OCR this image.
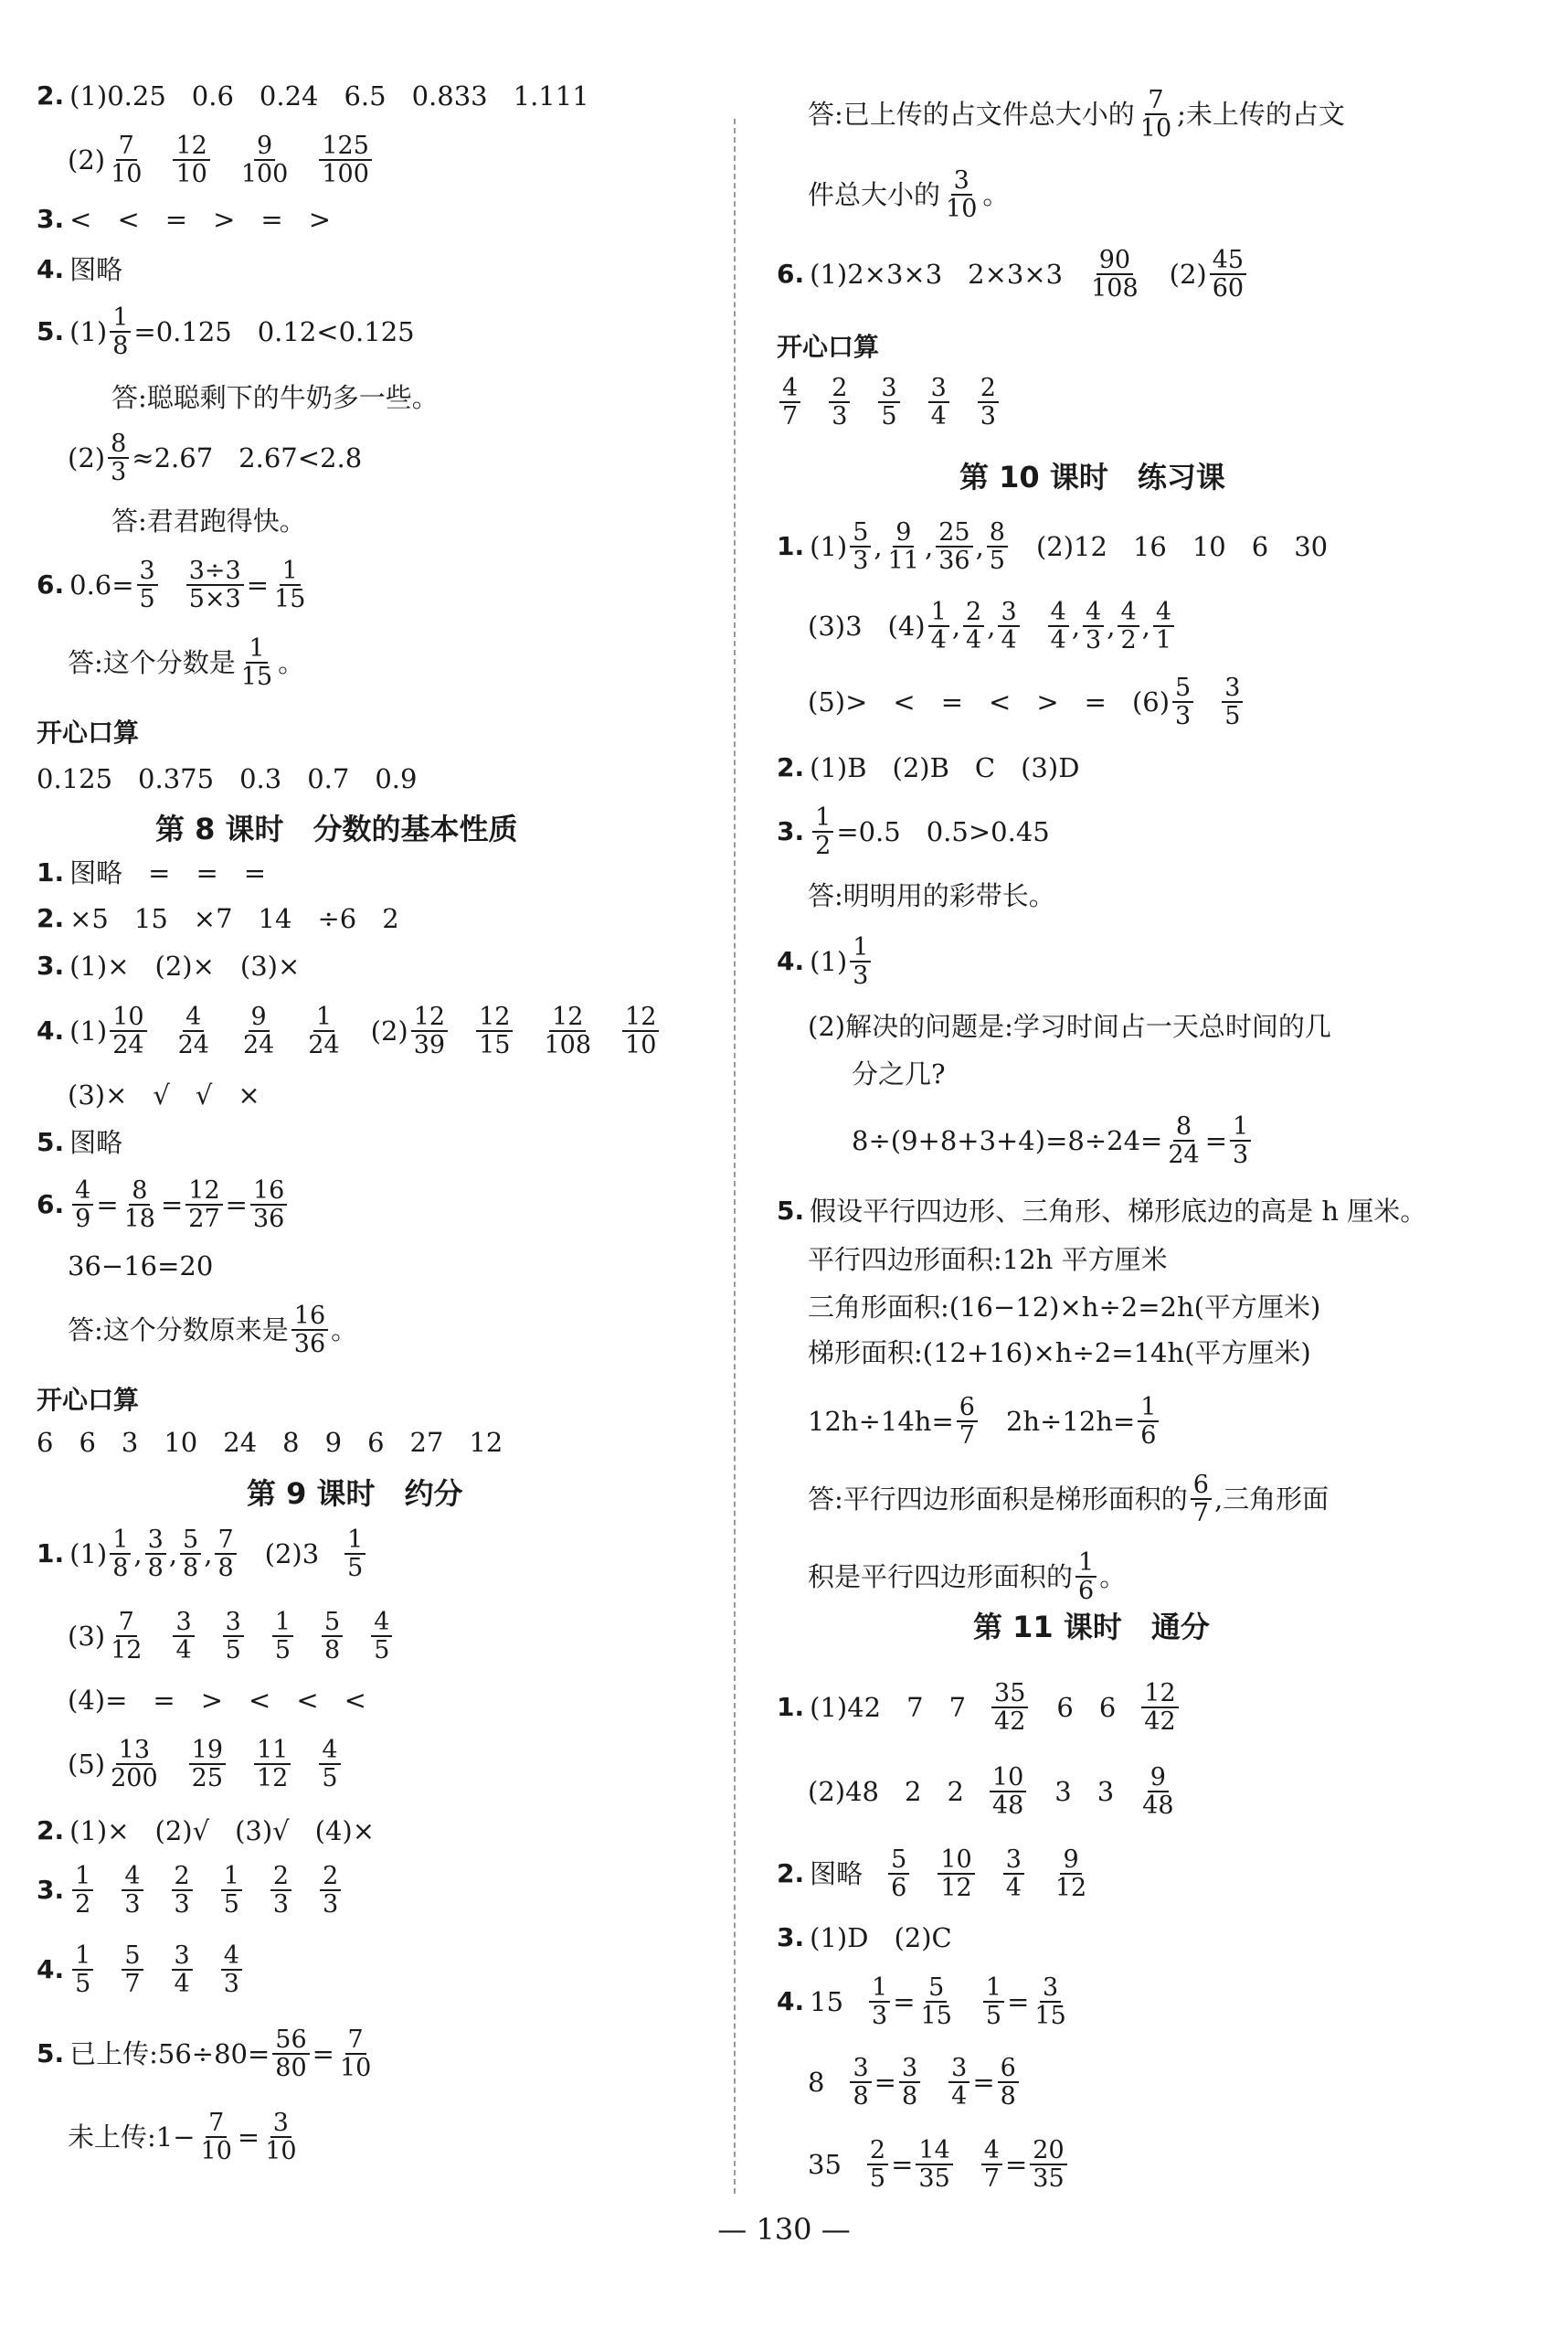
2. (1)0.25 0.6 0.24 6.5 0.833 1.111
$(2) \frac{7}{10} \frac{12}{10} \frac{9}{100} \frac{125}{100}$
3. < < = > = >
4. 图略
5. $(1) \frac{1}{8} =0.125$ 0.12<0.125
答:聪聪剩下的牛奶多一些。
$(2) \frac{8}{3} \approx 2.67$ 2.67<2.8
答:君君跑得快。
6. $0.6= \frac{3}{5} \frac{3\div 3}{5\times 3} = \frac{1}{15}$
答:这个分数是 $\frac{1}{15}$ 。
开心口算
0.125 0.375 0.3 0.7 0.9
第 8 课时　分数的基本性质
1. 图略 = = =
2. ×5 15 ×7 14 ÷6 2
3. (1)× (2)× (3)×
4. $(1) \frac{10}{24} \frac{4}{24} \frac{9}{24} \frac{1}{24} (2) \frac{12}{39} \frac{12}{15} \frac{12}{108} \frac{12}{10}$
(3)× √ √ ×
5. 图略
6. $\frac{4}{9} = \frac{8}{18} = \frac{12}{27} = \frac{16}{36}$
36−16=20
答:这个分数原来是 $\frac{16}{36}$ 。
开心口算
6 6 3 10 24 8 9 6 27 12
第 9 课时　约分
1. $(1) \frac{1}{8}$ , $\frac{3}{8}$ , $\frac{5}{8}$ , $\frac{7}{8} (2)3 \frac{1}{5}$
$(3) \frac{7}{12} \frac{3}{4} \frac{3}{5} \frac{1}{5} \frac{5}{8} \frac{4}{5}$
(4)= = > < < <
$(5) \frac{13}{200} \frac{19}{25} \frac{11}{12} \frac{4}{5}$
2. (1)× (2)√ (3)√ (4)×
3. $\frac{1}{2} \frac{4}{3} \frac{2}{3} \frac{1}{5} \frac{2}{3} \frac{2}{3}$
4. $\frac{1}{5} \frac{5}{7} \frac{3}{4} \frac{4}{3}$
5. 已上传:56÷80= $\frac{56}{80} = \frac{7}{10}$
未上传:1− $\frac{7}{10} = \frac{3}{10}$
答:已上传的占文件总大小的 $\frac{7}{10}$ ;未上传的占文
件总大小的 $\frac{3}{10}$ 。
6. (1)2×3×3 $2\times 3\times 3 \frac{90}{108} (2) \frac{45}{60}$
开心口算
$\frac{4}{7} \frac{2}{3} \frac{3}{5} \frac{3}{4} \frac{2}{3}$
第 10 课时　练习课
1. $(1) \frac{5}{3}$ , $\frac{9}{11}$ , $\frac{25}{36}$ , $\frac{8}{5} (2)12$ 16 10 6 30
(3)3 $(4) \frac{1}{4}$ , $\frac{2}{4}$ , $\frac{3}{4} \frac{4}{4}$ , $\frac{4}{3}$ , $\frac{4}{2}$ , $\frac{4}{1}$
(5)> < = < > = $(6) \frac{5}{3} \frac{3}{5}$
2. (1)B (2)B C (3)D
3. $\frac{1}{2} =0.5$ 0.5>0.45
答:明明用的彩带长。
4. $(1) \frac{1}{3}$
(2)解决的问题是:学习时间占一天总时间的几
分之几?
$8\div(9+8+3+4)=8\div 24= \frac{8}{24} = \frac{1}{3}$
5. 假设平行四边形、三角形、梯形底边的高是 h 厘米。
平行四边形面积:12h 平方厘米
三角形面积:(16−12)×h÷2=2h(平方厘米)
梯形面积:(12+16)×h÷2=14h(平方厘米)
$12h\div 14h= \frac{6}{7} 2h\div 12h= \frac{1}{6}$
答:平行四边形面积是梯形面积的 $\frac{6}{7}$ ,三角形面
积是平行四边形面积的 $\frac{1}{6}$ 。
第 11 课时　通分
1. (1)42 7 $7 \frac{35}{42} 6$ $6 \frac{12}{42}$
(2)48 2 $2 \frac{10}{48} 3$ $3 \frac{9}{48}$
2. 图略 $\frac{5}{6} \frac{10}{12} \frac{3}{4} \frac{9}{12}$
3. (1)D (2)C
4. $15 \frac{1}{3} = \frac{5}{15} \frac{1}{5} = \frac{3}{15}$
$8 \frac{3}{8} = \frac{3}{8} \frac{3}{4} = \frac{6}{8}$
$35 \frac{2}{5} = \frac{14}{35} \frac{4}{7} = \frac{20}{35}$
— 130 —
